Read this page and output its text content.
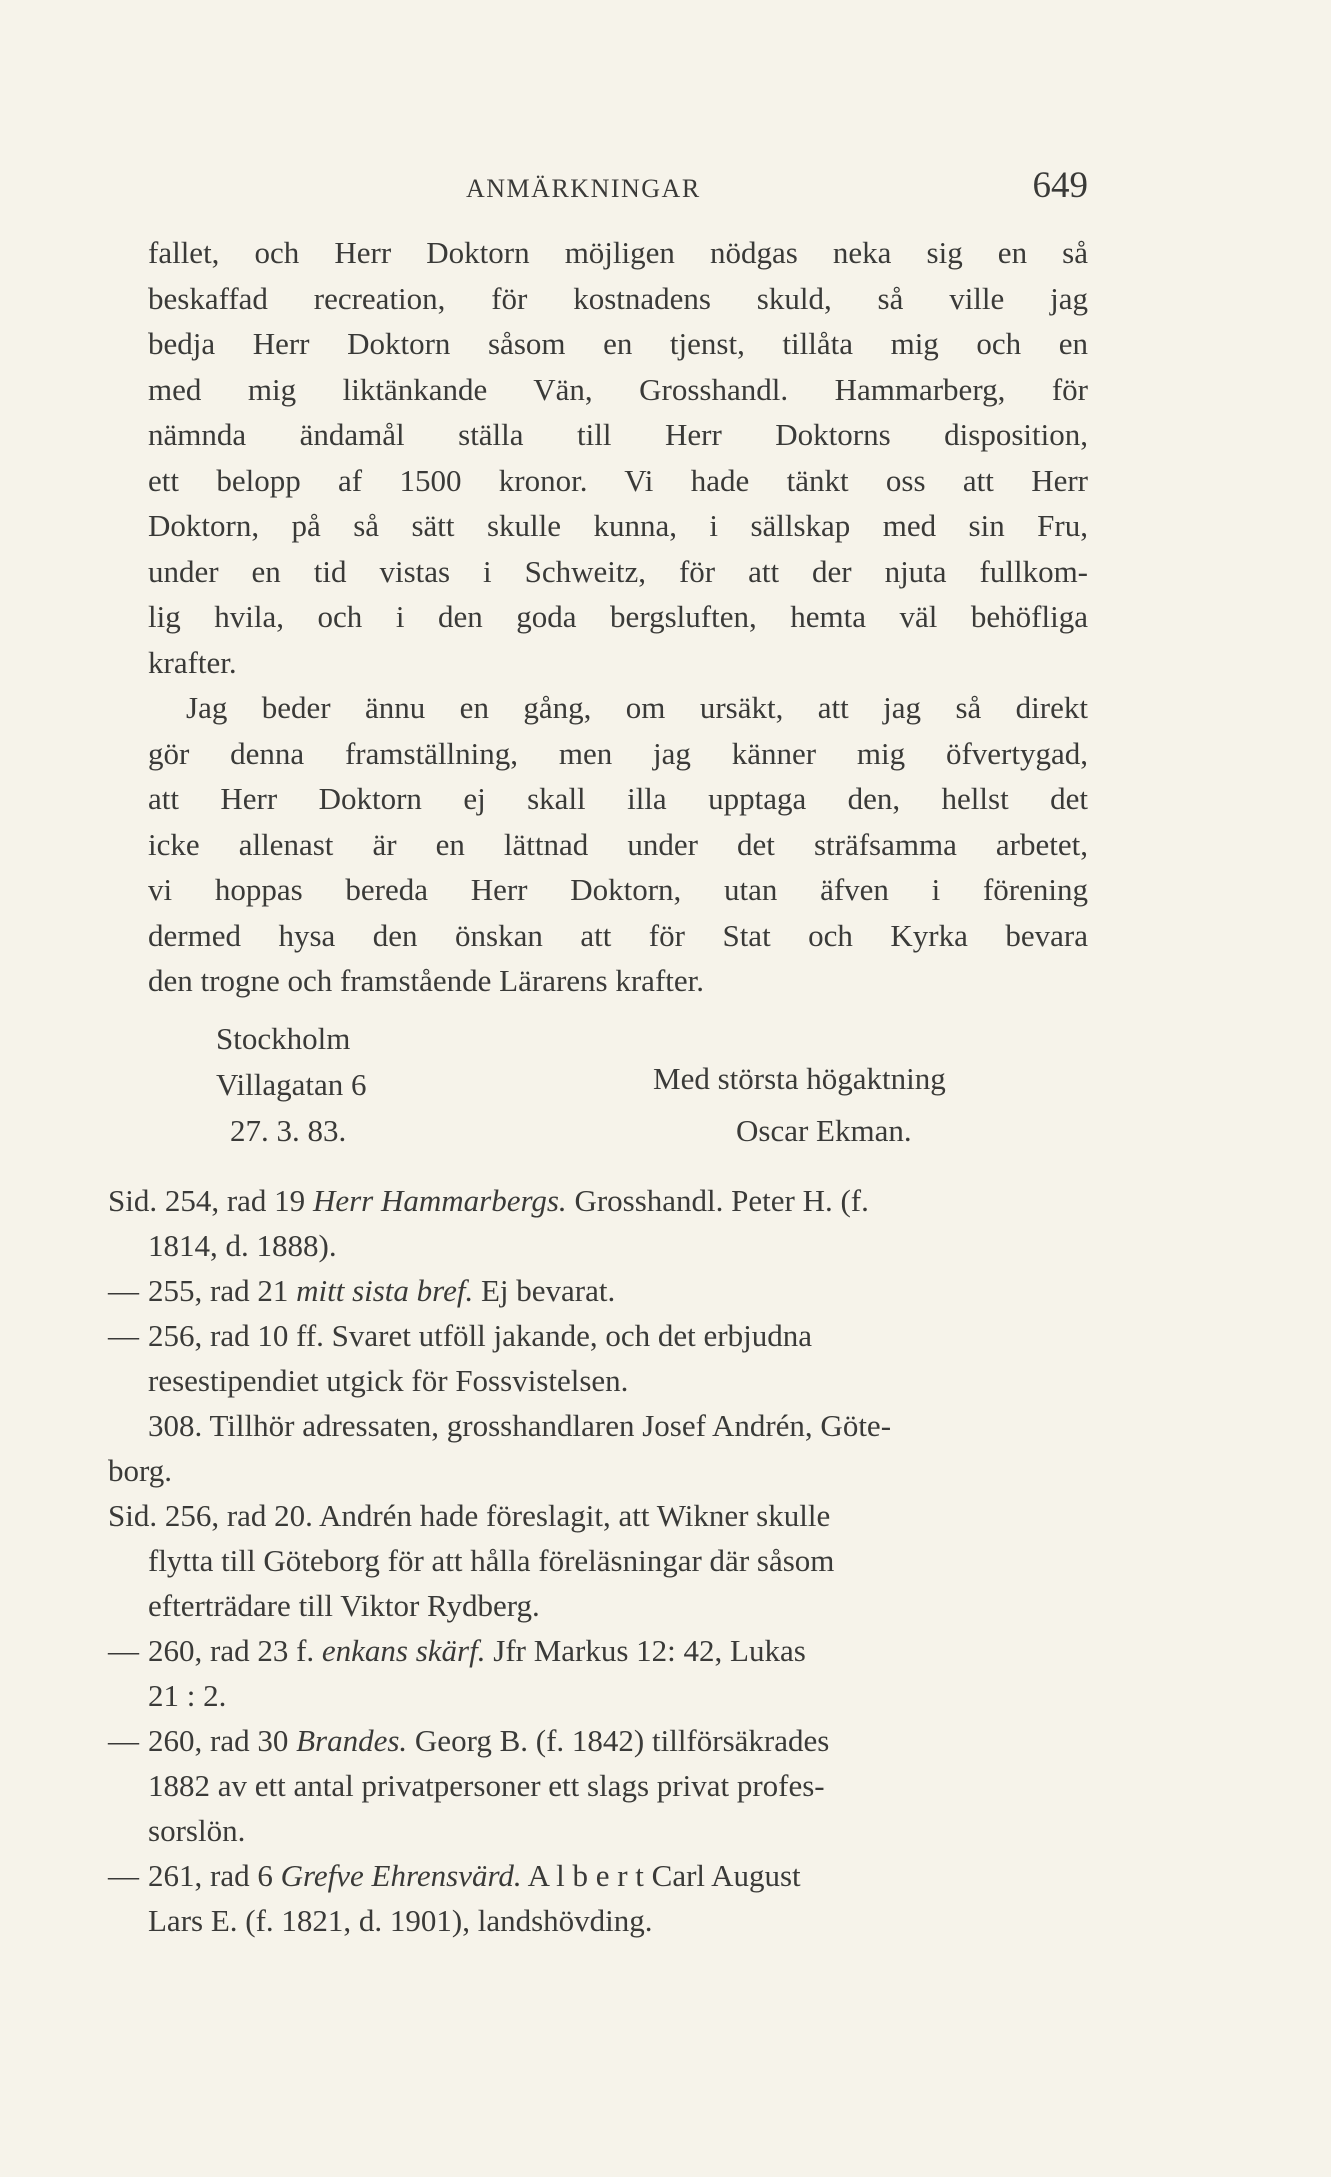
ANMÄRKNINGAR	649
fallet, och Herr Doktorn möjligen nödgas neka sig en så
beskaffad recreation, för kostnadens skuld, så ville jag
bedja Herr Doktorn såsom en tjenst, tillåta mig och en
med mig liktänkande Vän, Grosshandl. Hammarberg, för
nämnda ändamål ställa till Herr Doktorns disposition,
ett belopp af 1500 kronor. Vi hade tänkt oss att Herr
Doktorn, på så sätt skulle kunna, i sällskap med sin Fru,
under en tid vistas i Schweitz, för att der njuta fullkom-
lig hvila, och i den goda bergsluften, hemta väl behöfliga
krafter.
Jag beder ännu en gång, om ursäkt, att jag så direkt
gör denna framställning, men jag känner mig öfvertygad,
att Herr Doktorn ej skall illa upptaga den, hellst det
icke allenast är en lättnad under det sträfsamma arbetet,
vi hoppas bereda Herr Doktorn, utan äfven i förening
dermed hysa den önskan att för Stat och Kyrka bevara
den trogne och framstående Lärarens krafter.
Stockholm
Villagatan 6
27. 3. 83.
Med största högaktning
Oscar Ekman.
Sid. 254, rad 19 Herr Hammarbergs. Grosshandl. Peter H. (f.
1814, d. 1888).
— 255, rad 21 mitt sista bref. Ej bevarat.
— 256, rad 10 ff. Svaret utföll jakande, och det erbjudna
resestipendiet utgick för Fossvistelsen.
308. Tillhör adressaten, grosshandlaren Josef Andrén, Göte-
borg.
Sid. 256, rad 20. Andrén hade föreslagit, att Wikner skulle
flytta till Göteborg för att hålla föreläsningar där såsom
efterträdare till Viktor Rydberg.
— 260, rad 23 f. enkans skärf. Jfr Markus 12: 42, Lukas
21 : 2.
— 260, rad 30 Brandes. Georg B. (f. 1842) tillförsäkrades
1882 av ett antal privatpersoner ett slags privat profes-
sorslön.
— 261, rad 6 Grefve Ehrensvärd. A l b e r t Carl August
Lars E. (f. 1821, d. 1901), landshövding.
